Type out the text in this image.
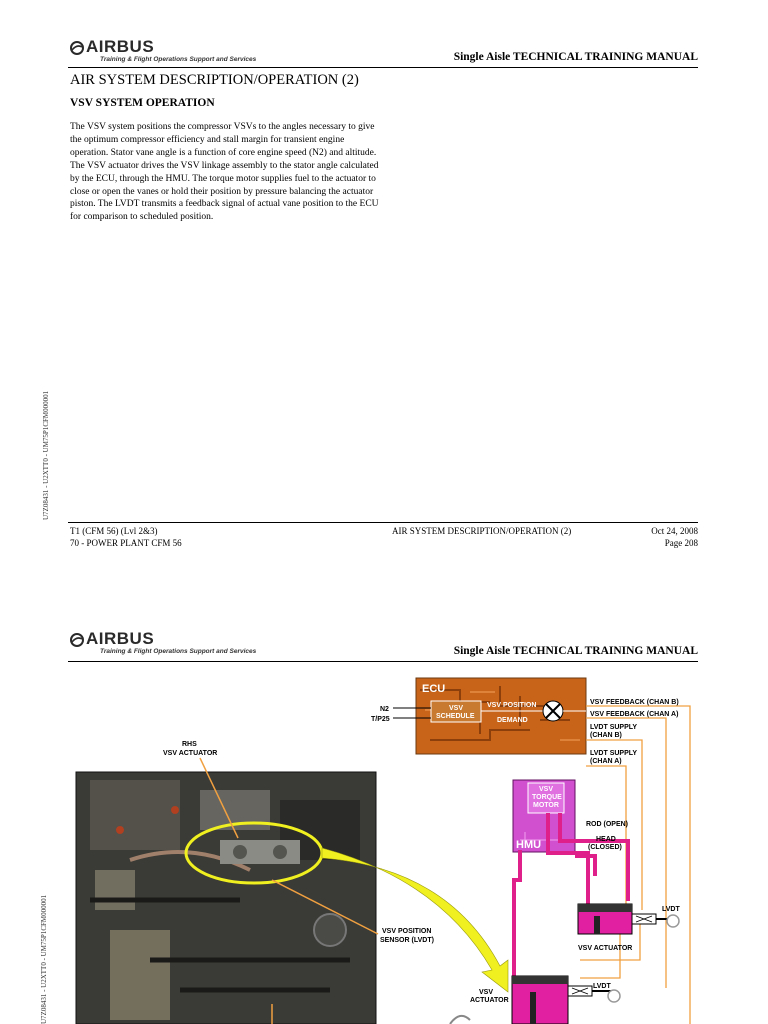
AIRBUS
Training & Flight Operations Support and Services	Single Aisle TECHNICAL TRAINING MANUAL
AIR SYSTEM DESCRIPTION/OPERATION (2)
VSV SYSTEM OPERATION

The VSV system positions the compressor VSVs to the angles necessary to give the optimum compressor efficiency and stall margin for transient engine operation. Stator vane angle is a function of core engine speed (N2) and altitude.

The VSV actuator drives the VSV linkage assembly to the stator angle calculated by the ECU, through the HMU. The torque motor supplies fuel to the actuator to close or open the vanes or hold their position by pressure balancing the actuator piston. The LVDT transmits a feedback signal of actual vane position to the ECU for comparison to scheduled position.

U7Z08431 - U2XTT0 - UM75P1CFM000001
T1 (CFM 56) (Lvl 2&3)
70 - POWER PLANT CFM 56
AIR SYSTEM DESCRIPTION/OPERATION (2)	Oct 24, 2008
Page 208
AIRBUS
Training & Flight Operations Support and Services	Single Aisle TECHNICAL TRAINING MANUAL
U7Z08431 - U2XTT0 - UM75P1CFM000001
ECU
VSV
SCHEDULE
VSV POSITION
DEMAND
N2
T/P25
VSV FEEDBACK (CHAN B)
VSV FEEDBACK (CHAN A)
LVDT SUPPLY
(CHAN B)
LVDT SUPPLY
(CHAN A)
VSV
TORQUE
MOTOR
HMU
ROD (OPEN)
HEAD
(CLOSED)
LVDT
VSV ACTUATOR
LVDT
VSV
ACTUATOR
RHS
VSV ACTUATOR
VSV POSITION
SENSOR (LVDT)
